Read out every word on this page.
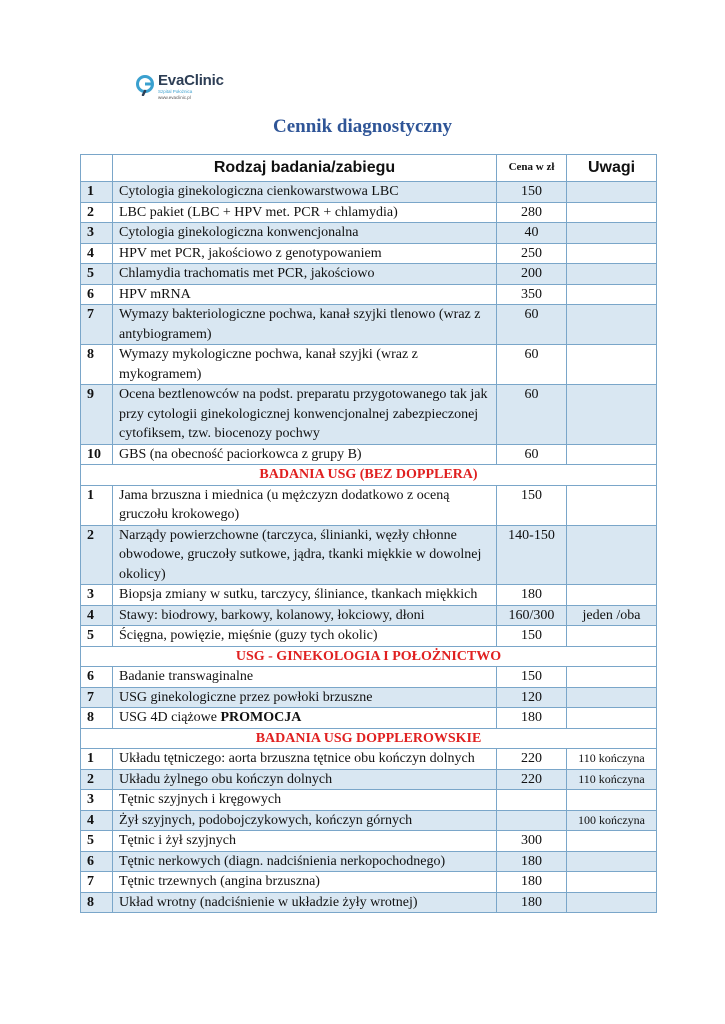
EvaClinic
Szpital Położnica
www.evaclinic.pl
Cennik diagnostyczny
	Rodzaj badania/zabiegu	Cena w zł	Uwagi
1	Cytologia ginekologiczna cienkowarstwowa LBC	150	
2	LBC pakiet (LBC + HPV met. PCR + chlamydia)	280	
3	Cytologia ginekologiczna konwencjonalna	40	
4	HPV met PCR, jakościowo z genotypowaniem	250	
5	Chlamydia trachomatis met PCR, jakościowo	200	
6	HPV mRNA	350	
7	Wymazy bakteriologiczne pochwa, kanał szyjki tlenowo (wraz z antybiogramem)	60	
8	Wymazy mykologiczne pochwa, kanał szyjki (wraz z mykogramem)	60	
9	Ocena beztlenowców na podst. preparatu przygotowanego tak jak przy cytologii ginekologicznej konwencjonalnej zabezpieczonej cytofiksem, tzw. biocenozy pochwy	60	
10	GBS (na obecność paciorkowca z grupy B)	60	
BADANIA USG (BEZ DOPPLERA)			
1	Jama brzuszna i miednica (u mężczyzn dodatkowo z oceną gruczołu krokowego)	150	
2	Narządy powierzchowne (tarczyca, ślinianki, węzły chłonne obwodowe, gruczoły sutkowe, jądra, tkanki miękkie w dowolnej okolicy)	140-150	
3	Biopsja zmiany w sutku, tarczycy, śliniance, tkankach miękkich	180	
4	Stawy: biodrowy, barkowy, kolanowy, łokciowy, dłoni	160/300	jeden /oba
5	Ścięgna, powięzie, mięśnie (guzy tych okolic)	150	
USG - GINEKOLOGIA I POŁOŻNICTWO			
6	Badanie transwaginalne	150	
7	USG ginekologiczne przez powłoki brzuszne	120	
8	USG 4D ciążowe PROMOCJA	180	
BADANIA USG DOPPLEROWSKIE			
1	Układu tętniczego: aorta brzuszna tętnice obu kończyn dolnych	220	110 kończyna
2	Układu żylnego obu kończyn dolnych	220	110 kończyna
3	Tętnic szyjnych i kręgowych		
4	Żył szyjnych, podobojczykowych, kończyn górnych		100 kończyna
5	Tętnic i żył szyjnych	300	
6	Tętnic nerkowych (diagn. nadciśnienia nerkopochodnego)	180	
7	Tętnic trzewnych (angina brzuszna)	180	
8	Układ wrotny (nadciśnienie w układzie żyły wrotnej)	180	
